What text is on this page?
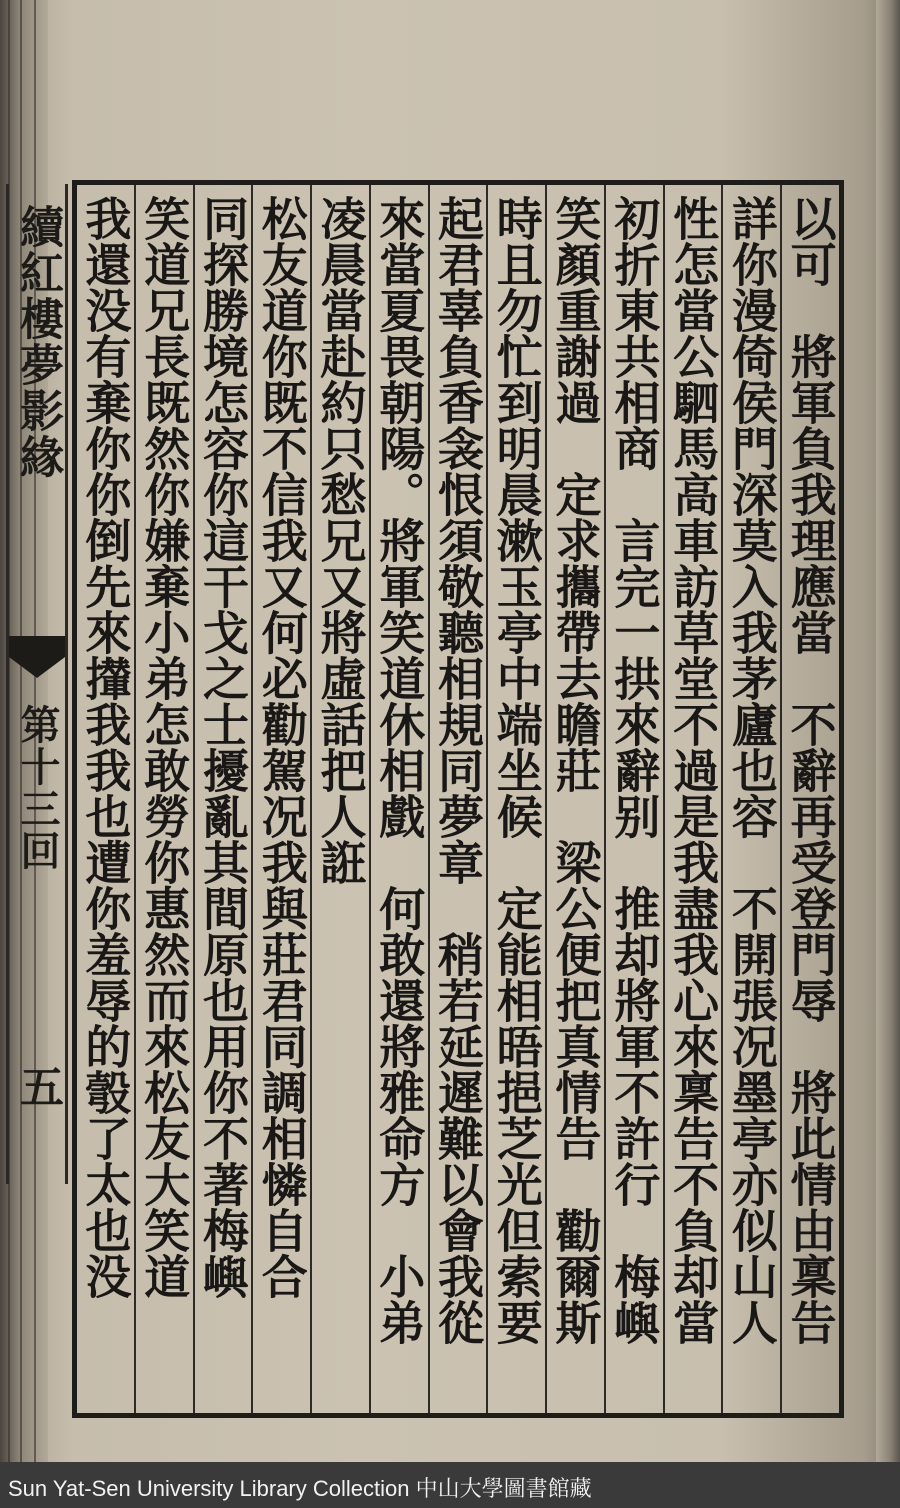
續紅樓夢影緣
第十三回
五	以可　將軍負我理應當　不辭再受登門辱　將此情由稟告
詳你漫倚侯門深莫入我茅廬也容　不開張况墨亭亦似山人
性怎當公駟馬高車訪草堂不過是我盡我心來稟告不負却當
初折東共相商　言完一拱來辭别　推却將軍不許行　梅嶼
笑顏重謝過　定求攜帶去瞻莊　梁公便把真情告　勸爾斯
時且勿忙到明晨漱玉亭中端坐候　定能相晤挹芝光但索要
起君辜負香衾恨須敬聽相規同夢章　稍若延遲難以會我從
來當夏畏朝陽。將軍笑道休相戲　何敢還將雅命方　小弟
凌晨當赴約只愁兄又將虛話把人誑
松友道你既不信我又何必勸駕况我與莊君同調相憐自合
同探勝境怎容你這干戈之士擾亂其間原也用你不著梅嶼
笑道兄長既然你嫌棄小弟怎敢勞你惠然而來松友大笑道
我還没有棄你你倒先來攆我我也遭你羞辱的彀了太也没
Sun Yat-Sen University Library Collection 中山大學圖書館藏
